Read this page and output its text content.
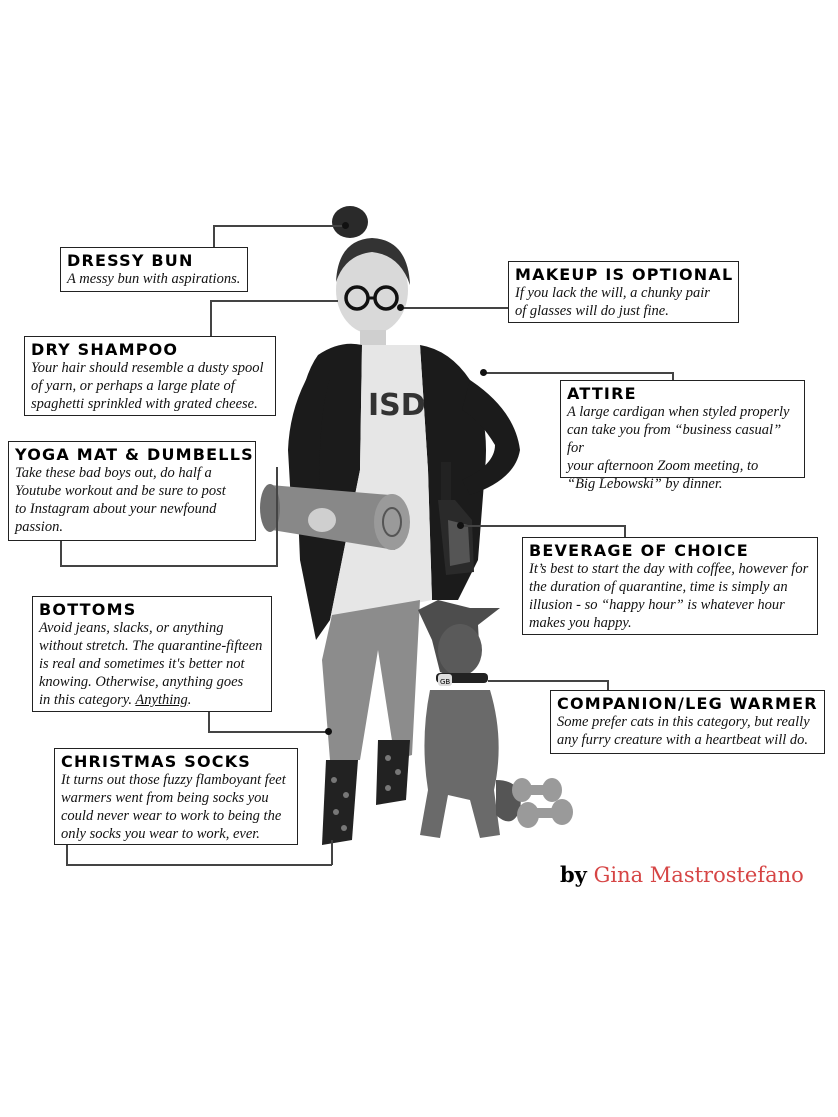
ISD
GB
DRESSY BUN
A messy bun with aspirations.	MAKEUP IS OPTIONAL
If you lack the will, a chunky pair
of glasses will do just fine.
DRY SHAMPOO
Your hair should resemble a dusty spool
of yarn, or perhaps a large plate of
spaghetti sprinkled with grated cheese.
ATTIRE
A large cardigan when styled properly
can take you from “business casual” for
your afternoon Zoom meeting, to
“Big Lebowski” by dinner.
YOGA MAT & DUMBELLS
Take these bad boys out, do half a
Youtube workout and be sure to post
to Instagram about your newfound
passion.
BEVERAGE OF CHOICE
It’s best to start the day with coffee, however for
the duration of quarantine, time is simply an
illusion - so “happy hour” is whatever hour
makes you happy.
BOTTOMS
Avoid jeans, slacks, or anything
without stretch. The quarantine-fifteen
is real and sometimes it's better not
knowing. Otherwise, anything goes
in this category. Anything.	COMPANION/LEG WARMER
Some prefer cats in this category, but really
any furry creature with a heartbeat will do.
CHRISTMAS SOCKS
It turns out those fuzzy flamboyant feet
warmers went from being socks you
could never wear to work to being the
only socks you wear to work, ever.
by Gina Mastrostefano
